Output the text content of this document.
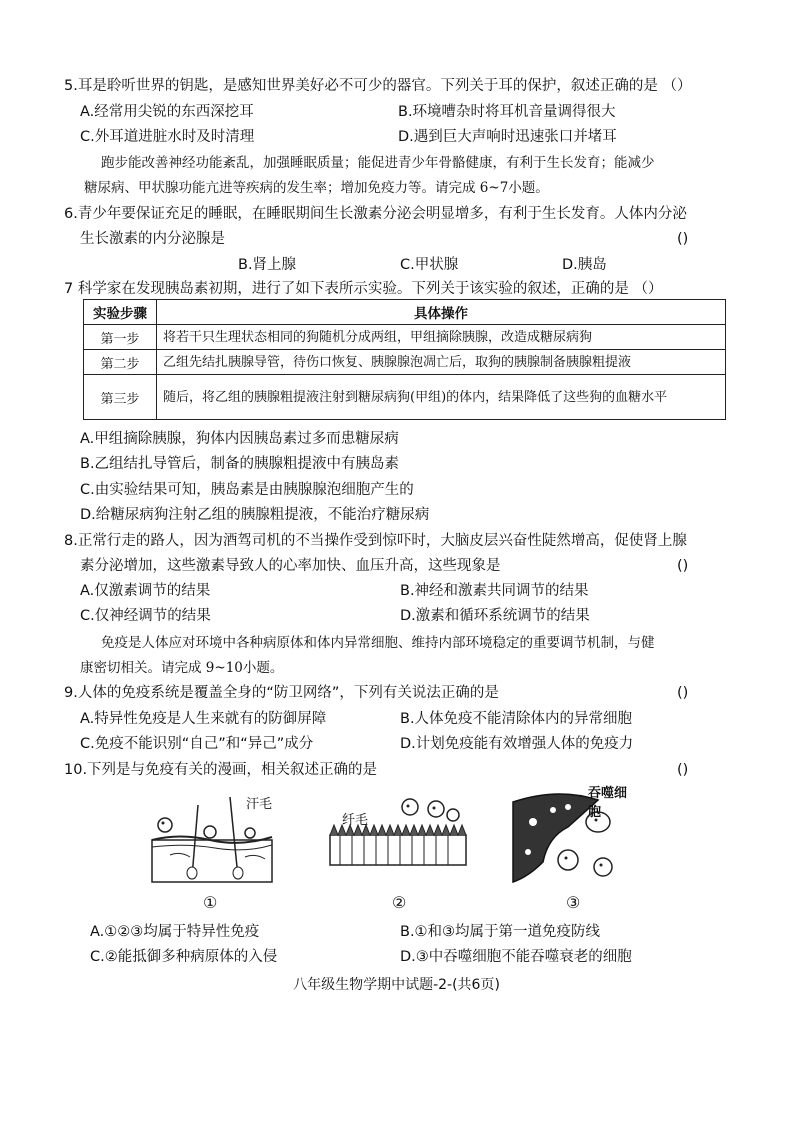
5.耳是聆听世界的钥匙，是感知世界美好必不可少的器官。下列关于耳的保护，叙述正确的是 （）
A.经常用尖锐的东西深挖耳	B.环境嘈杂时将耳机音量调得很大
C.外耳道进脏水时及时清理	D.遇到巨大声响时迅速张口并堵耳
跑步能改善神经功能紊乱，加强睡眠质量；能促进青少年骨骼健康，有利于生长发育；能减少
糖尿病、甲状腺功能亢进等疾病的发生率；增加免疫力等。请完成 6~7小题。
6.青少年要保证充足的睡眠，在睡眠期间生长激素分泌会明显增多，有利于生长发育。人体内分泌
生长激素的内分泌腺是	()
B.肾上腺	C.甲状腺	D.胰岛
7 科学家在发现胰岛素初期，进行了如下表所示实验。下列关于该实验的叙述，正确的是 （）
实验步骤	具体操作
第一步	将若干只生理状态相同的狗随机分成两组，甲组摘除胰腺，改造成糖尿病狗
第二步	乙组先结扎胰腺导管，待伤口恢复、胰腺腺泡凋亡后，取狗的胰腺制备胰腺粗提液
第三步	随后，将乙组的胰腺粗提液注射到糖尿病狗(甲组)的体内，结果降低了这些狗的血糖水平
A.甲组摘除胰腺，狗体内因胰岛素过多而患糖尿病
B.乙组结扎导管后，制备的胰腺粗提液中有胰岛素
C.由实验结果可知，胰岛素是由胰腺腺泡细胞产生的
D.给糖尿病狗注射乙组的胰腺粗提液，不能治疗糖尿病
8.正常行走的路人，因为酒驾司机的不当操作受到惊吓时，大脑皮层兴奋性陡然增高，促使肾上腺
素分泌增加，这些激素导致人的心率加快、血压升高，这些现象是	()
A.仅激素调节的结果	B.神经和激素共同调节的结果
C.仅神经调节的结果	D.激素和循环系统调节的结果
免疫是人体应对环境中各种病原体和体内异常细胞、维持内部环境稳定的重要调节机制，与健
康密切相关。请完成 9~10小题。
9.人体的免疫系统是覆盖全身的“防卫网络”，下列有关说法正确的是	()
A.特异性免疫是人生来就有的防御屏障	B.人体免疫不能清除体内的异常细胞
C.免疫不能识别“自己”和“异己”成分	D.计划免疫能有效增强人体的免疫力
10.下列是与免疫有关的漫画，相关叙述正确的是	()
汗毛
①
纤毛
②
吞噬细胞
③
A.①②③均属于特异性免疫	B.①和③均属于第一道免疫防线
C.②能抵御多种病原体的入侵	D.③中吞噬细胞不能吞噬衰老的细胞
八年级生物学期中试题-2-(共6页)
